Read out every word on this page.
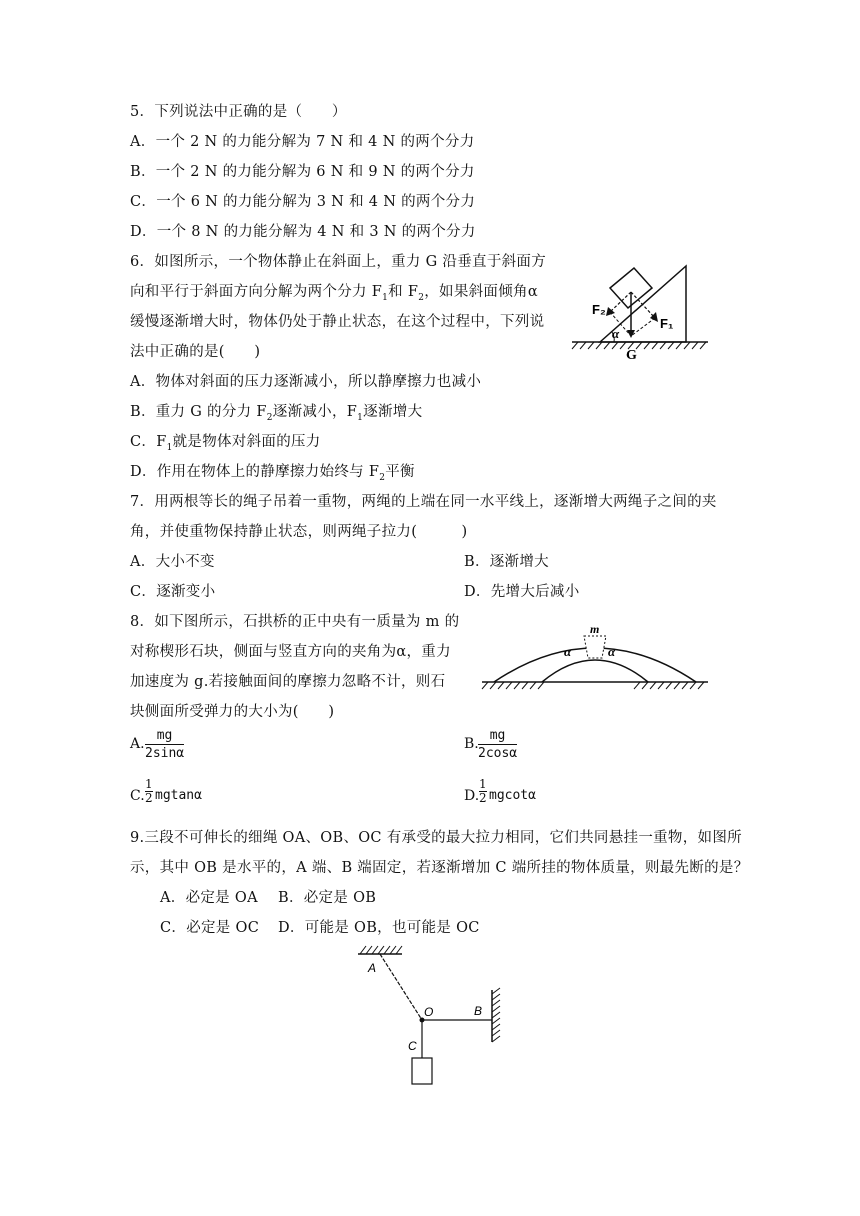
5．下列说法中正确的是（　　）
A．一个 2 N 的力能分解为 7 N 和 4 N 的两个分力
B．一个 2 N 的力能分解为 6 N 和 9 N 的两个分力
C．一个 6 N 的力能分解为 3 N 和 4 N 的两个分力
D．一个 8 N 的力能分解为 4 N 和 3 N 的两个分力
6．如图所示，一个物体静止在斜面上，重力 G 沿垂直于斜面方
向和平行于斜面方向分解为两个分力 $F_1$和 $F_2$，如果斜面倾角α
缓慢逐渐增大时，物体仍处于静止状态，在这个过程中，下列说
法中正确的是(　　)
A．物体对斜面的压力逐渐减小，所以静摩擦力也减小
B．重力 G 的分力 $F_2$逐渐减小，$F_1$逐渐增大
C．$F_1$就是物体对斜面的压力
D．作用在物体上的静摩擦力始终与 $F_2$平衡
F₂
F₁
G
α
7．用两根等长的绳子吊着一重物，两绳的上端在同一水平线上，逐渐增大两绳子之间的夹
角，并使重物保持静止状态，则两绳子拉力(　　　)
A．大小不变	B．逐渐增大
C．逐渐变小	D．先增大后减小
8．如下图所示，石拱桥的正中央有一质量为 m 的
对称楔形石块，侧面与竖直方向的夹角为α，重力
加速度为 g.若接触面间的摩擦力忽略不计，则石
块侧面所受弹力的大小为(　　)
m
α	α
A. $\frac{mg}{2\sin\alpha}$	B. $\frac{mg}{2\cos\alpha}$
C.
1
2 mgtanα	D.
1
2 mgcotα
9.三段不可伸长的细绳 OA、OB、OC 有承受的最大拉力相同，它们共同悬挂一重物，如图所
示，其中 OB 是水平的，A 端、B 端固定，若逐渐增加 C 端所挂的物体质量，则最先断的是？
A．必定是 OA B．必定是 OB
C．必定是 OC D．可能是 OB，也可能是 OC
A
B
O
C
